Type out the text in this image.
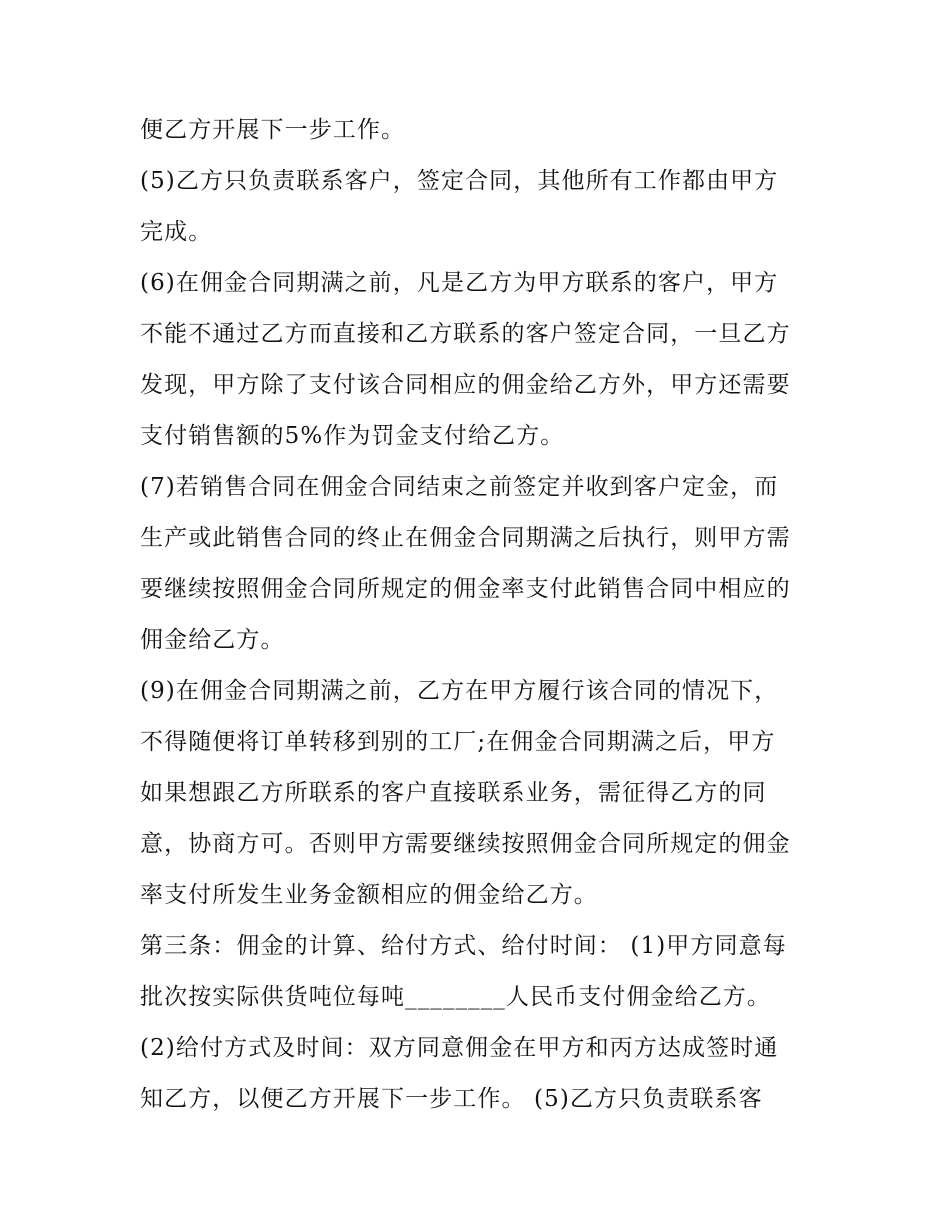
便乙方开展下一步工作。
(5)乙方只负责联系客户，签定合同，其他所有工作都由甲方
完成。
(6)在佣金合同期满之前，凡是乙方为甲方联系的客户，甲方
不能不通过乙方而直接和乙方联系的客户签定合同，一旦乙方
发现，甲方除了支付该合同相应的佣金给乙方外，甲方还需要
支付销售额的5%作为罚金支付给乙方。
(7)若销售合同在佣金合同结束之前签定并收到客户定金，而
生产或此销售合同的终止在佣金合同期满之后执行，则甲方需
要继续按照佣金合同所规定的佣金率支付此销售合同中相应的
佣金给乙方。
(9)在佣金合同期满之前，乙方在甲方履行该合同的情况下，
不得随便将订单转移到别的工厂;在佣金合同期满之后，甲方
如果想跟乙方所联系的客户直接联系业务，需征得乙方的同
意，协商方可。否则甲方需要继续按照佣金合同所规定的佣金
率支付所发生业务金额相应的佣金给乙方。
第三条：佣金的计算、给付方式、给付时间： (1)甲方同意每
批次按实际供货吨位每吨________人民币支付佣金给乙方。
(2)给付方式及时间：双方同意佣金在甲方和丙方达成签时通
知乙方，以便乙方开展下一步工作。 (5)乙方只负责联系客
